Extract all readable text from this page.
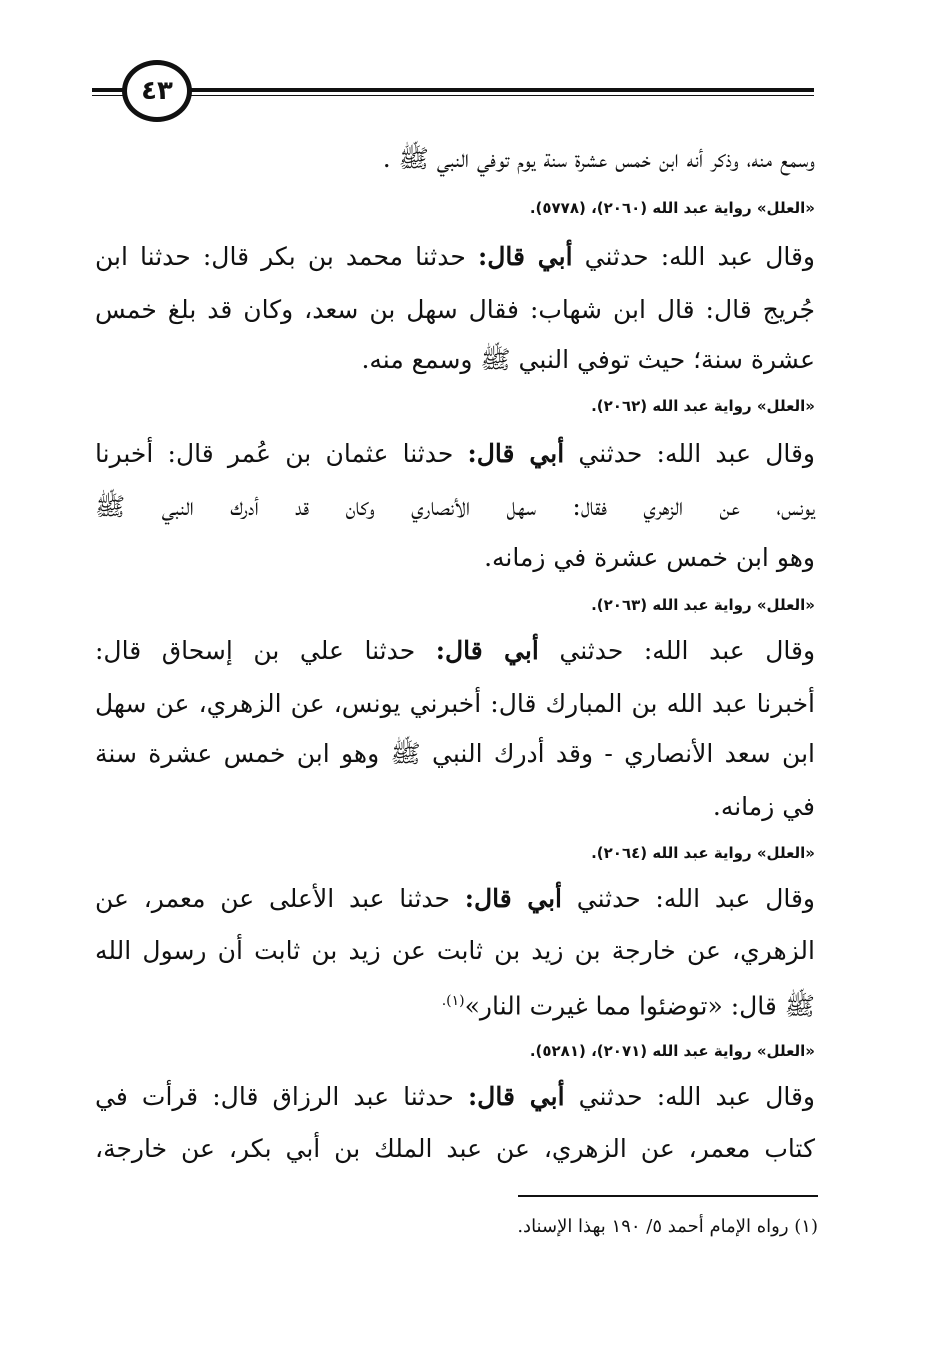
٤٣
وسمع منه، وذكر أنه ابن خمس عشرة سنة يوم توفي النبي ﷺ .
«العلل» رواية عبد الله (٢٠٦٠)، (٥٧٧٨).
وقال عبد الله: حدثني أبي قال: حدثنا محمد بن بكر قال: حدثنا ابن
جُريج قال: قال ابن شهاب: فقال سهل بن سعد، وكان قد بلغ خمس
عشرة سنة؛ حيث توفي النبي ﷺ وسمع منه.
«العلل» رواية عبد الله (٢٠٦٢).
وقال عبد الله: حدثني أبي قال: حدثنا عثمان بن عُمر قال: أخبرنا
يونس، عن الزهري فقال: سهل الأنصاري وكان قد أدرك النبي ﷺ
وهو ابن خمس عشرة في زمانه.
«العلل» رواية عبد الله (٢٠٦٣).
وقال عبد الله: حدثني أبي قال: حدثنا علي بن إسحاق قال:
أخبرنا عبد الله بن المبارك قال: أخبرني يونس، عن الزهري، عن سهل
ابن سعد الأنصاري - وقد أدرك النبي ﷺ وهو ابن خمس عشرة سنة
في زمانه.
«العلل» رواية عبد الله (٢٠٦٤).
وقال عبد الله: حدثني أبي قال: حدثنا عبد الأعلى عن معمر، عن
الزهري، عن خارجة بن زيد بن ثابت عن زيد بن ثابت أن رسول الله
ﷺ قال: «توضئوا مما غيرت النار»$^{(١).}$
«العلل» رواية عبد الله (٢٠٧١)، (٥٢٨١).
وقال عبد الله: حدثني أبي قال: حدثنا عبد الرزاق قال: قرأت في
كتاب معمر، عن الزهري، عن عبد الملك بن أبي بكر، عن خارجة،
(١) رواه الإمام أحمد ٥/ ١٩٠ بهذا الإسناد.
